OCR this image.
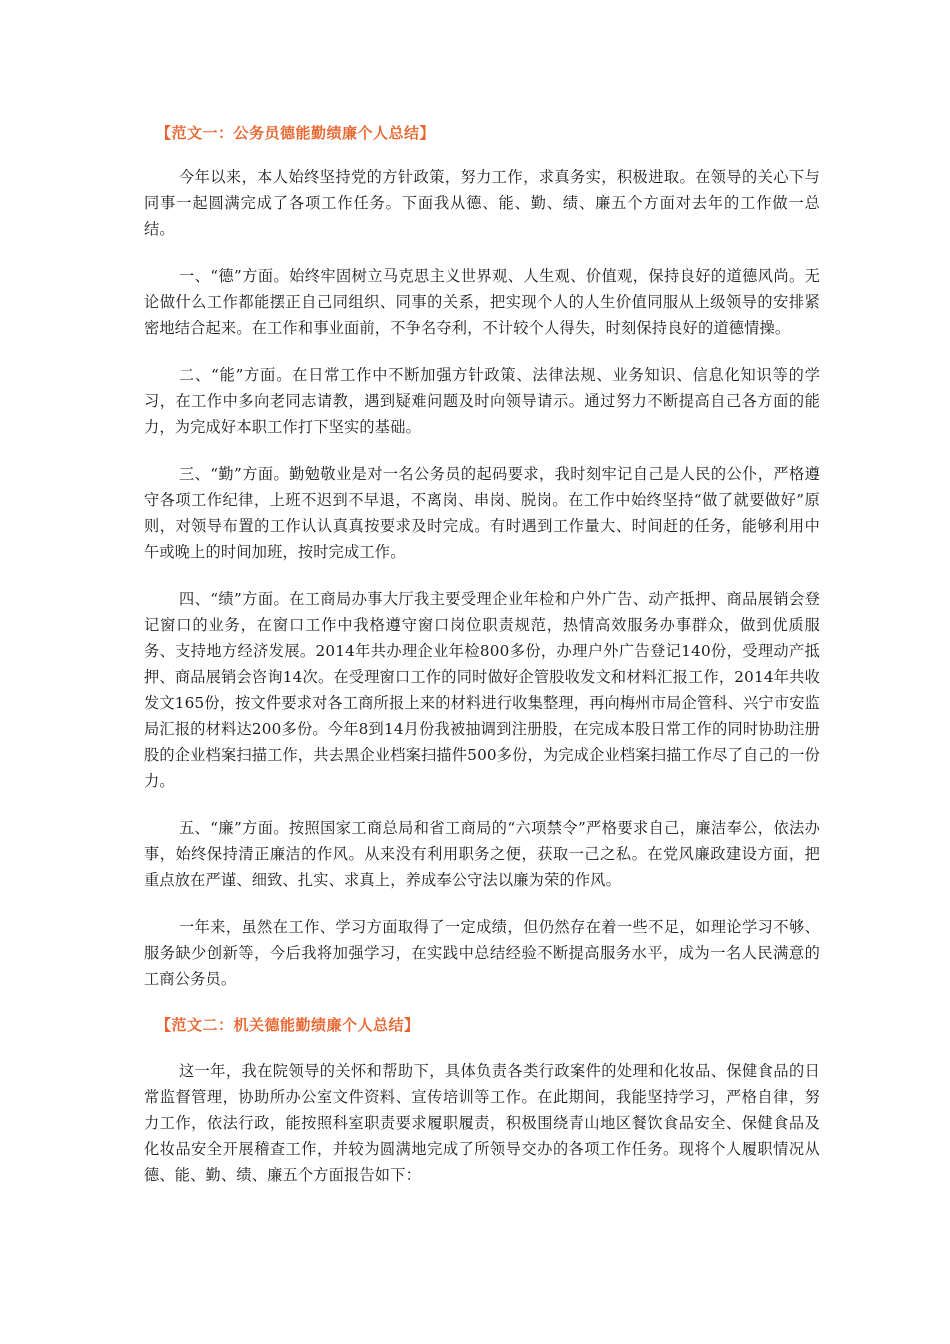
【范文一：公务员德能勤绩廉个人总结】

今年以来，本人始终坚持党的方针政策，努力工作，求真务实，积极进取。在领导的关心下与同事一起圆满完成了各项工作任务。下面我从德、能、勤、绩、廉五个方面对去年的工作做一总结。

一、“德”方面。始终牢固树立马克思主义世界观、人生观、价值观，保持良好的道德风尚。无论做什么工作都能摆正自己同组织、同事的关系，把实现个人的人生价值同服从上级领导的安排紧密地结合起来。在工作和事业面前，不争名夺利，不计较个人得失，时刻保持良好的道德情操。

二、“能”方面。在日常工作中不断加强方针政策、法律法规、业务知识、信息化知识等的学习，在工作中多向老同志请教，遇到疑难问题及时向领导请示。通过努力不断提高自己各方面的能力，为完成好本职工作打下坚实的基础。

三、“勤”方面。勤勉敬业是对一名公务员的起码要求，我时刻牢记自己是人民的公仆，严格遵守各项工作纪律，上班不迟到不早退，不离岗、串岗、脱岗。在工作中始终坚持“做了就要做好”原则，对领导布置的工作认认真真按要求及时完成。有时遇到工作量大、时间赶的任务，能够利用中午或晚上的时间加班，按时完成工作。

四、“绩”方面。在工商局办事大厅我主要受理企业年检和户外广告、动产抵押、商品展销会登记窗口的业务，在窗口工作中我格遵守窗口岗位职责规范，热情高效服务办事群众，做到优质服务、支持地方经济发展。2014年共办理企业年检800多份，办理户外广告登记140份，受理动产抵押、商品展销会咨询14次。在受理窗口工作的同时做好企管股收发文和材料汇报工作，2014年共收发文165份，按文件要求对各工商所报上来的材料进行收集整理，再向梅州市局企管科、兴宁市安监局汇报的材料达200多份。今年8到14月份我被抽调到注册股，在完成本股日常工作的同时协助注册股的企业档案扫描工作，共去黑企业档案扫描件500多份，为完成企业档案扫描工作尽了自己的一份力。

五、“廉”方面。按照国家工商总局和省工商局的“六项禁令”严格要求自己，廉洁奉公，依法办事，始终保持清正廉洁的作风。从来没有利用职务之便，获取一己之私。在党风廉政建设方面，把重点放在严谨、细致、扎实、求真上，养成奉公守法以廉为荣的作风。

一年来，虽然在工作、学习方面取得了一定成绩，但仍然存在着一些不足，如理论学习不够、服务缺少创新等，今后我将加强学习，在实践中总结经验不断提高服务水平，成为一名人民满意的工商公务员。

【范文二：机关德能勤绩廉个人总结】

这一年，我在院领导的关怀和帮助下，具体负责各类行政案件的处理和化妆品、保健食品的日常监督管理，协助所办公室文件资料、宣传培训等工作。在此期间，我能坚持学习，严格自律，努力工作，依法行政，能按照科室职责要求履职履责，积极围绕青山地区餐饮食品安全、保健食品及化妆品安全开展稽查工作，并较为圆满地完成了所领导交办的各项工作任务。现将个人履职情况从德、能、勤、绩、廉五个方面报告如下：
